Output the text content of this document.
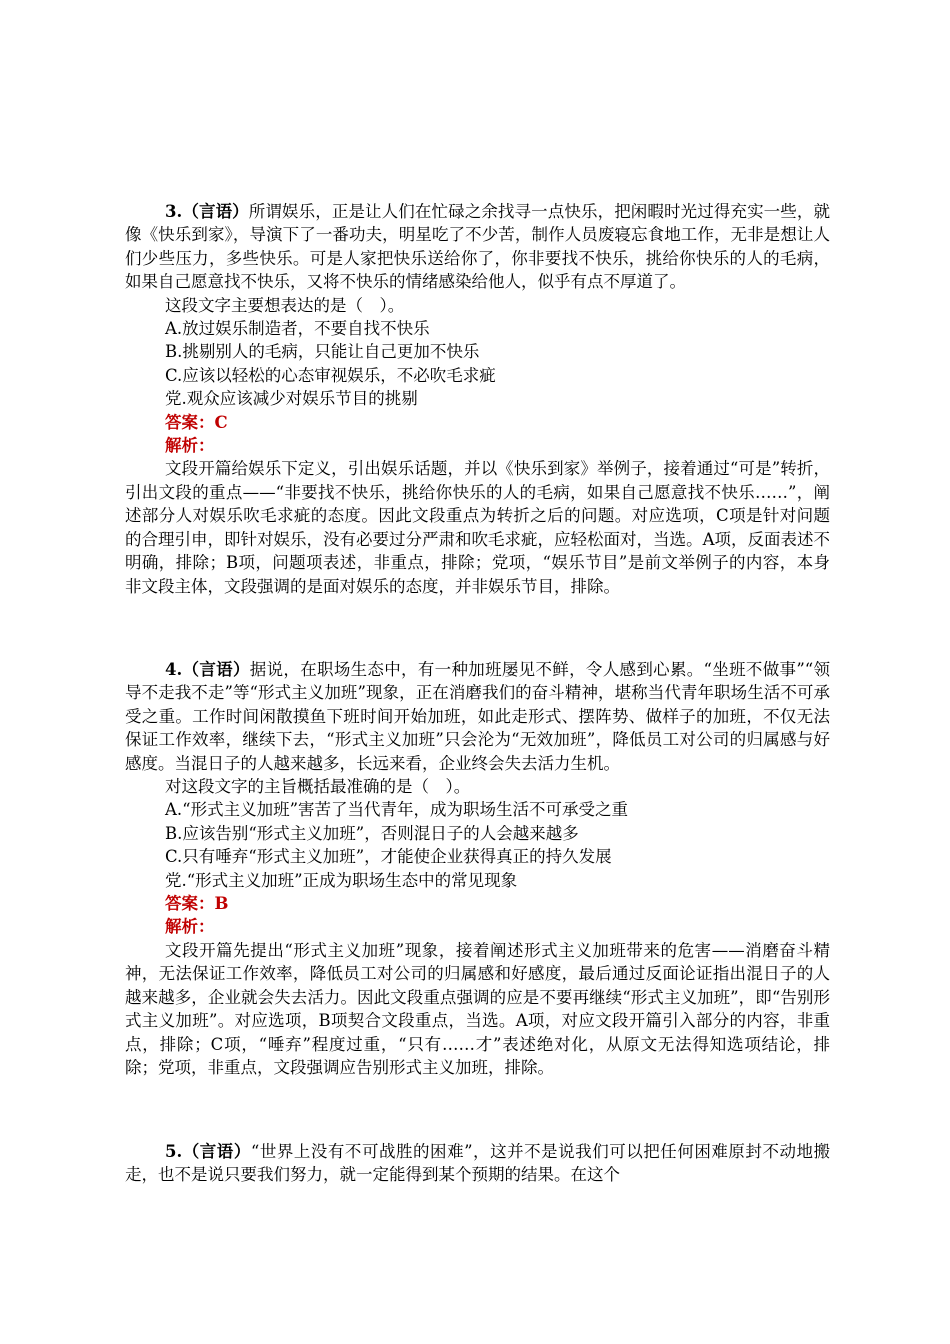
3.（言语）所谓娱乐，正是让人们在忙碌之余找寻一点快乐，把闲暇时光过得充实一些，就像《快乐到家》，导演下了一番功夫，明星吃了不少苦，制作人员废寝忘食地工作，无非是想让人们少些压力，多些快乐。可是人家把快乐送给你了，你非要找不快乐，挑给你快乐的人的毛病，如果自己愿意找不快乐，又将不快乐的情绪感染给他人，似乎有点不厚道了。

这段文字主要想表达的是（　）。

A.放过娱乐制造者，不要自找不快乐

B.挑剔别人的毛病，只能让自己更加不快乐

C.应该以轻松的心态审视娱乐，不必吹毛求疵

党.观众应该减少对娱乐节目的挑剔

答案：C

解析：

文段开篇给娱乐下定义，引出娱乐话题，并以《快乐到家》举例子，接着通过“可是”转折，引出文段的重点——“非要找不快乐，挑给你快乐的人的毛病，如果自己愿意找不快乐……”，阐述部分人对娱乐吹毛求疵的态度。因此文段重点为转折之后的问题。对应选项，C项是针对问题的合理引申，即针对娱乐，没有必要过分严肃和吹毛求疵，应轻松面对，当选。A项，反面表述不明确，排除；B项，问题项表述，非重点，排除；党项，“娱乐节目”是前文举例子的内容，本身非文段主体，文段强调的是面对娱乐的态度，并非娱乐节目，排除。

4.（言语）据说，在职场生态中，有一种加班屡见不鲜，令人感到心累。“坐班不做事”“领导不走我不走”等“形式主义加班”现象，正在消磨我们的奋斗精神，堪称当代青年职场生活不可承受之重。工作时间闲散摸鱼下班时间开始加班，如此走形式、摆阵势、做样子的加班，不仅无法保证工作效率，继续下去，“形式主义加班”只会沦为“无效加班”，降低员工对公司的归属感与好感度。当混日子的人越来越多，长远来看，企业终会失去活力生机。

对这段文字的主旨概括最准确的是（　）。

A.“形式主义加班”害苦了当代青年，成为职场生活不可承受之重

B.应该告别“形式主义加班”，否则混日子的人会越来越多

C.只有唾弃“形式主义加班”，才能使企业获得真正的持久发展

党.“形式主义加班”正成为职场生态中的常见现象

答案：B

解析：

文段开篇先提出“形式主义加班”现象，接着阐述形式主义加班带来的危害——消磨奋斗精神，无法保证工作效率，降低员工对公司的归属感和好感度，最后通过反面论证指出混日子的人越来越多，企业就会失去活力。因此文段重点强调的应是不要再继续“形式主义加班”，即“告别形式主义加班”。对应选项，B项契合文段重点，当选。A项，对应文段开篇引入部分的内容，非重点，排除；C项，“唾弃”程度过重，“只有……才”表述绝对化，从原文无法得知选项结论，排除；党项，非重点，文段强调应告别形式主义加班，排除。

5.（言语）“世界上没有不可战胜的困难”，这并不是说我们可以把任何困难原封不动地搬走，也不是说只要我们努力，就一定能得到某个预期的结果。在这个
